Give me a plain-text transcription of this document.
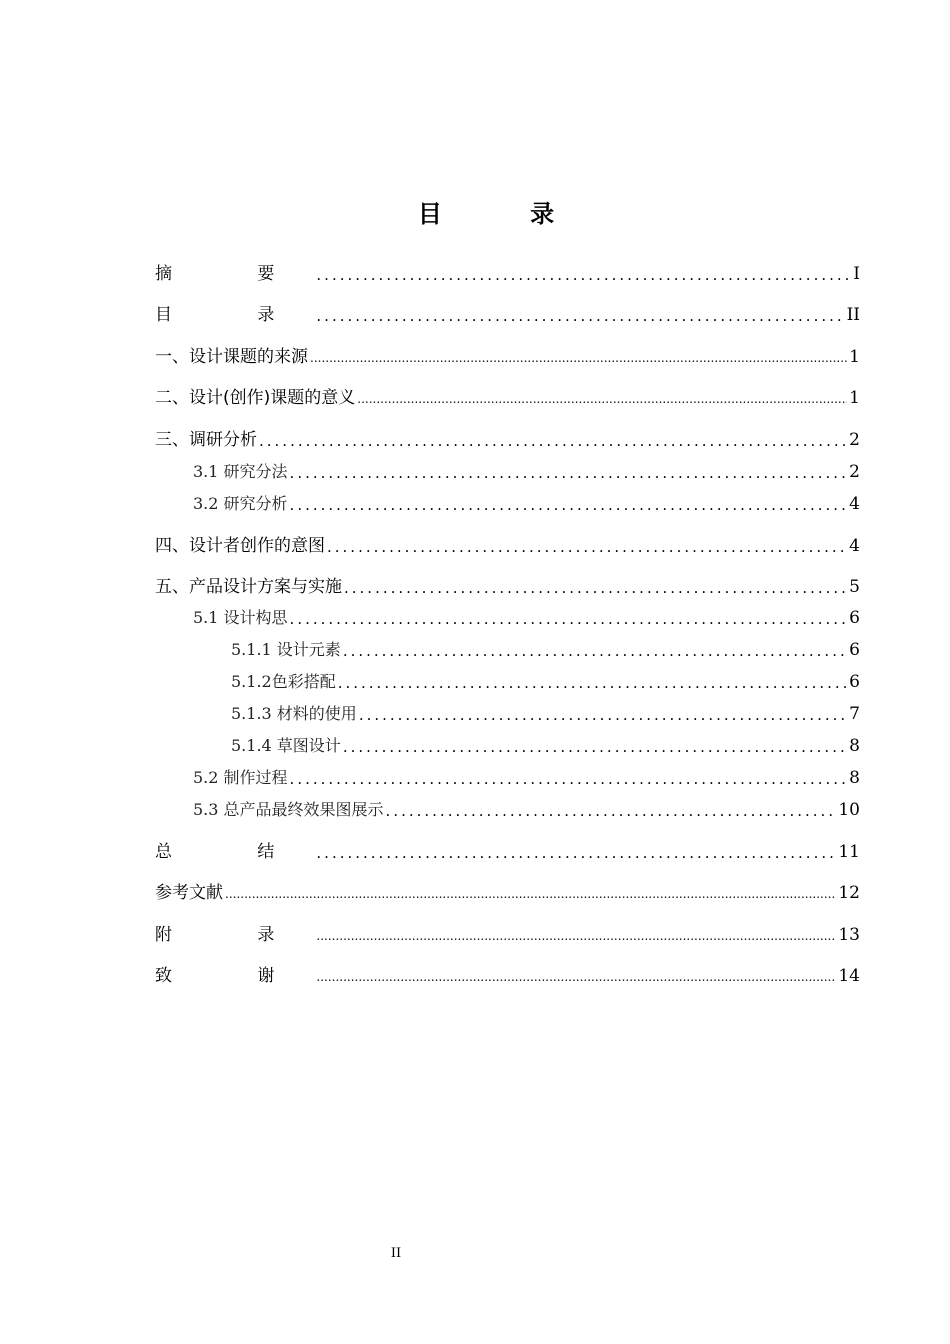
目 录
摘 要 .....	I
目 录 .....	II
一、设计课题的来源 .....	1
二、设计(创作)课题的意义 .....	1
三、调研分析 .....	2
3.1 研究分法 .....	2
3.2 研究分析 .....	4
四、设计者创作的意图 .....	4
五、产品设计方案与实施 .....	5
5.1 设计构思 .....	6
5.1.1 设计元素 .....	6
5.1.2色彩搭配 .....	6
5.1.3 材料的使用 .....	7
5.1.4 草图设计 .....	8
5.2 制作过程 .....	8
5.3 总产品最终效果图展示 .....	10
总 结 .....	11
参考文献 .....	12
附 录 .....	13
致 谢 .....	14
II
